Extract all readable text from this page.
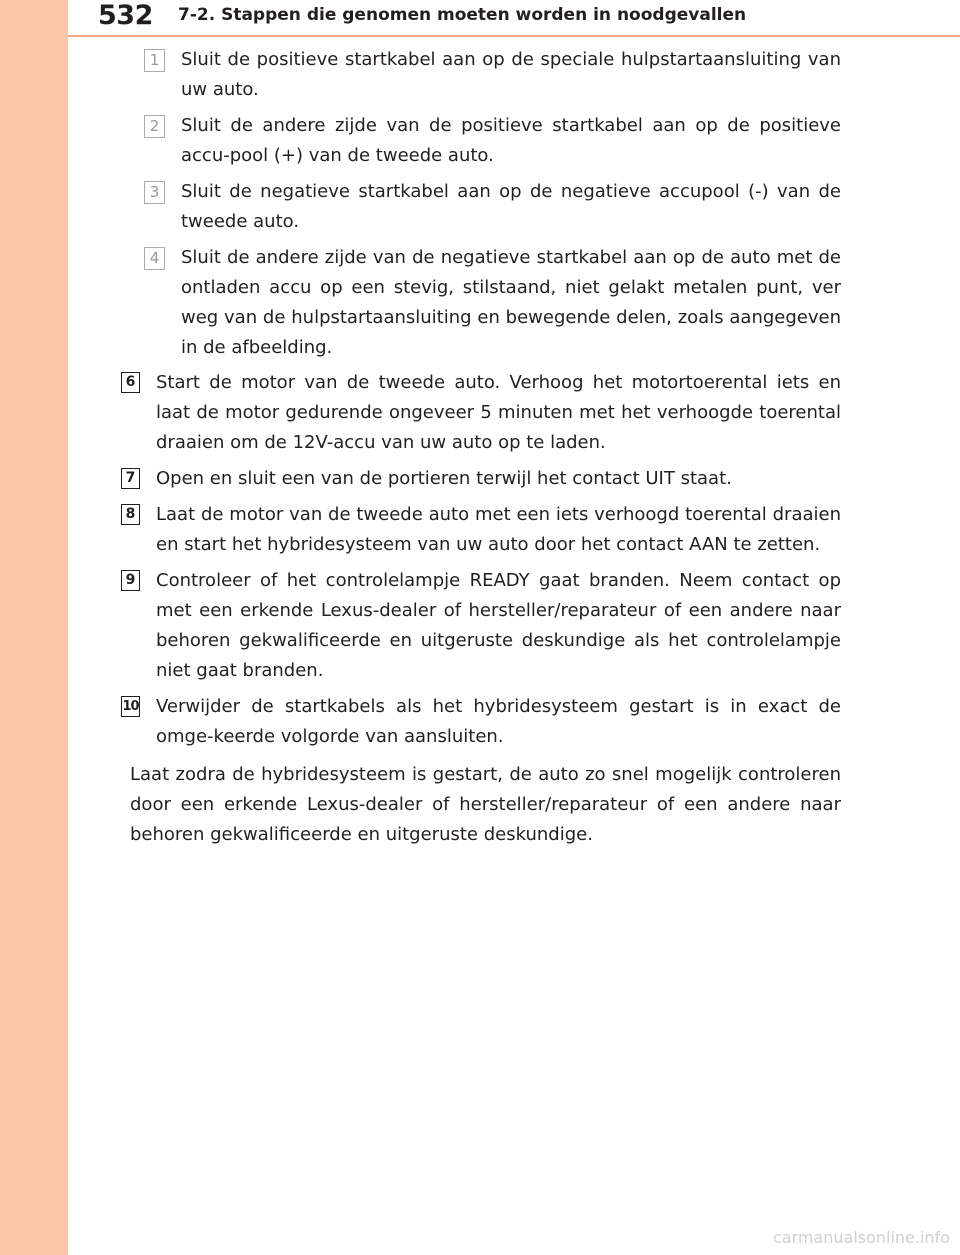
532 7-2. Stappen die genomen moeten worden in noodgevallen
1	Sluit de positieve startkabel aan op de speciale hulpstartaansluiting van uw auto.
2	Sluit de andere zijde van de positieve startkabel aan op de positieve accu-pool (+) van de tweede auto.
3	Sluit de negatieve startkabel aan op de negatieve accupool (-) van de tweede auto.
4	Sluit de andere zijde van de negatieve startkabel aan op de auto met de ontladen accu op een stevig, stilstaand, niet gelakt metalen punt, ver weg van de hulpstartaansluiting en bewegende delen, zoals aangegeven in de afbeelding.
6 Start de motor van de tweede auto. Verhoog het motortoerental iets en laat de motor gedurende ongeveer 5 minuten met het verhoogde toerental draaien om de 12V-accu van uw auto op te laden.
7 Open en sluit een van de portieren terwijl het contact UIT staat.
8 Laat de motor van de tweede auto met een iets verhoogd toerental draaien en start het hybridesysteem van uw auto door het contact AAN te zetten.
9 Controleer of het controlelampje READY gaat branden. Neem contact op met een erkende Lexus-dealer of hersteller/reparateur of een andere naar behoren gekwalificeerde en uitgeruste deskundige als het controlelampje niet gaat branden.
10 Verwijder de startkabels als het hybridesysteem gestart is in exact de omge-keerde volgorde van aansluiten.
Laat zodra de hybridesysteem is gestart, de auto zo snel mogelijk controleren door een erkende Lexus-dealer of hersteller/reparateur of een andere naar behoren gekwalificeerde en uitgeruste deskundige.
carmanualsonline.info
